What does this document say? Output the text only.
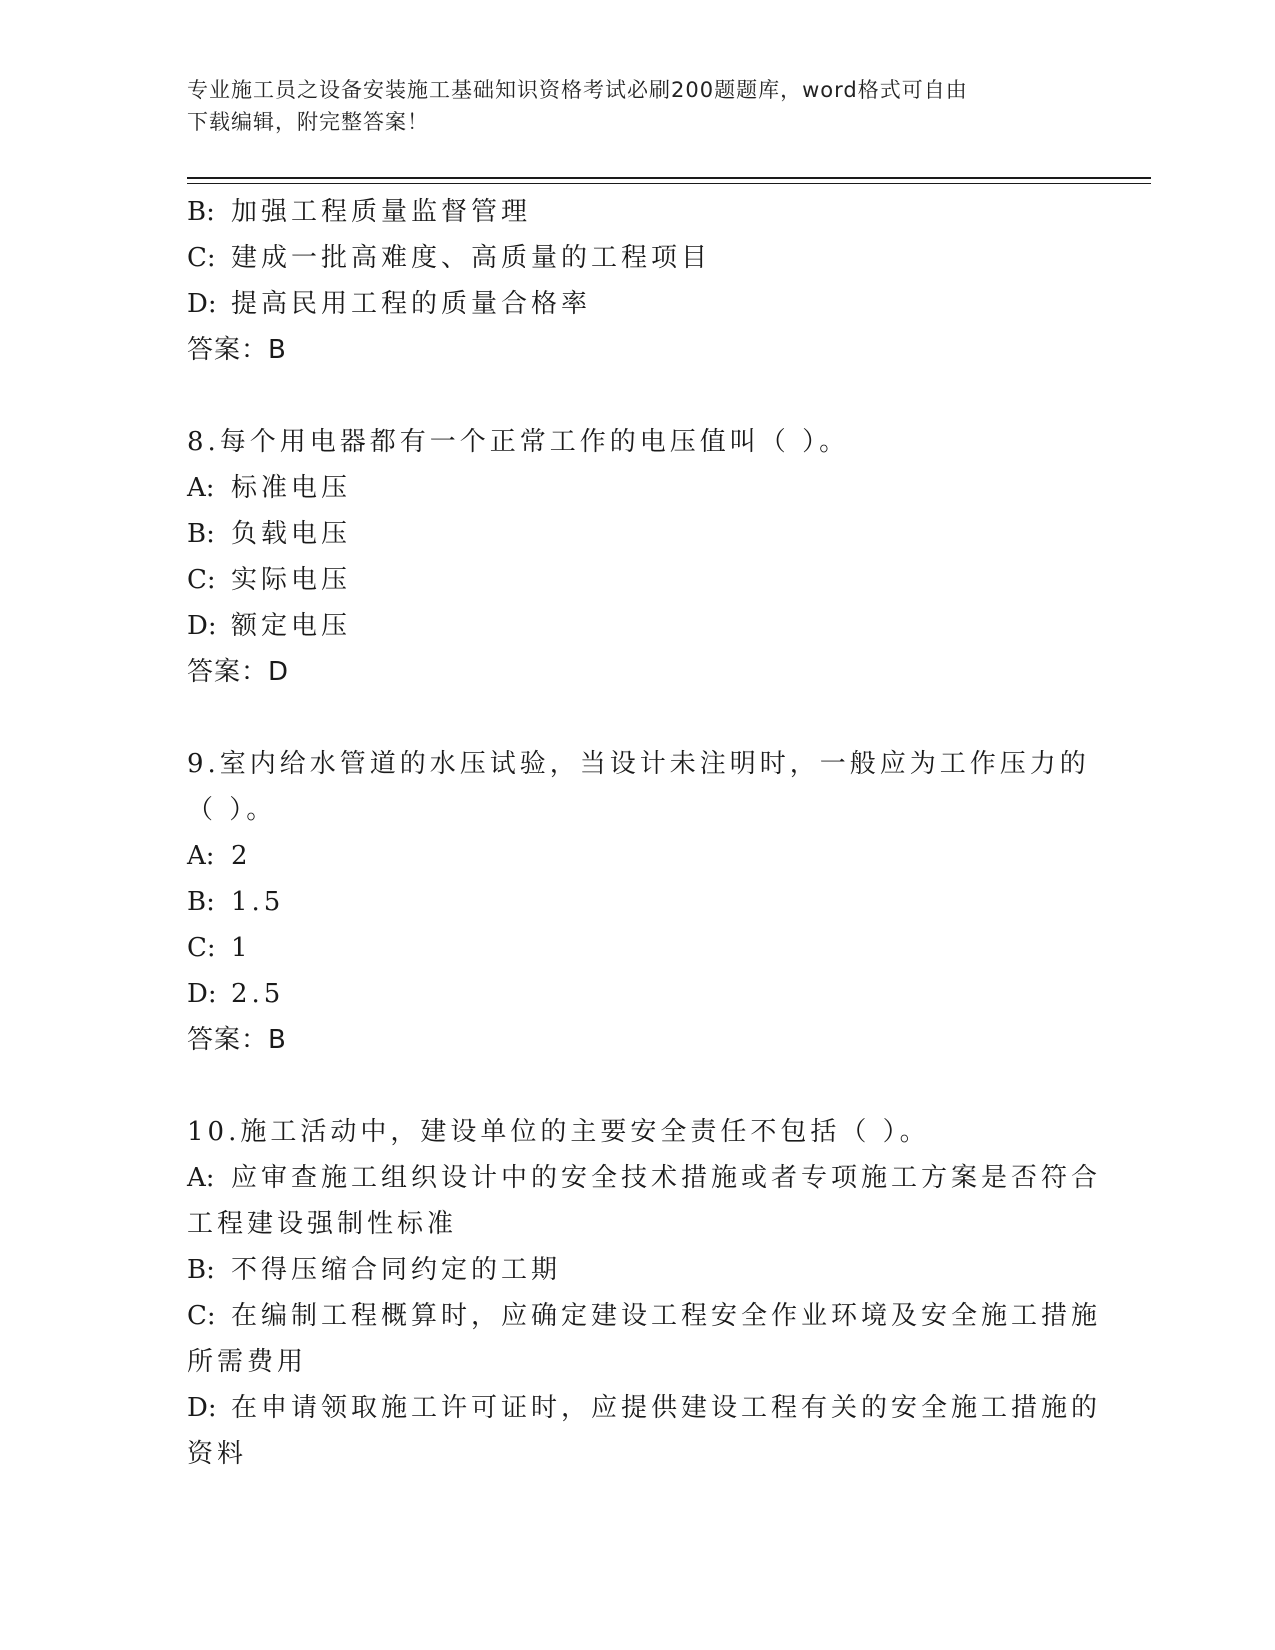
专业施工员之设备安装施工基础知识资格考试必刷200题题库，word格式可自由
下载编辑，附完整答案！
B: 加强工程质量监督管理
C: 建成一批高难度、高质量的工程项目
D: 提高民用工程的质量合格率
答案：B
8.每个用电器都有一个正常工作的电压值叫（ ）。
A: 标准电压
B: 负载电压
C: 实际电压
D: 额定电压
答案：D
9.室内给水管道的水压试验，当设计未注明时，一般应为工作压力的
（ ）。
A: 2
B: 1.5
C: 1
D: 2.5
答案：B
10.施工活动中，建设单位的主要安全责任不包括（ ）。
A: 应审查施工组织设计中的安全技术措施或者专项施工方案是否符合
工程建设强制性标准
B: 不得压缩合同约定的工期
C: 在编制工程概算时，应确定建设工程安全作业环境及安全施工措施
所需费用
D: 在申请领取施工许可证时，应提供建设工程有关的安全施工措施的
资料
